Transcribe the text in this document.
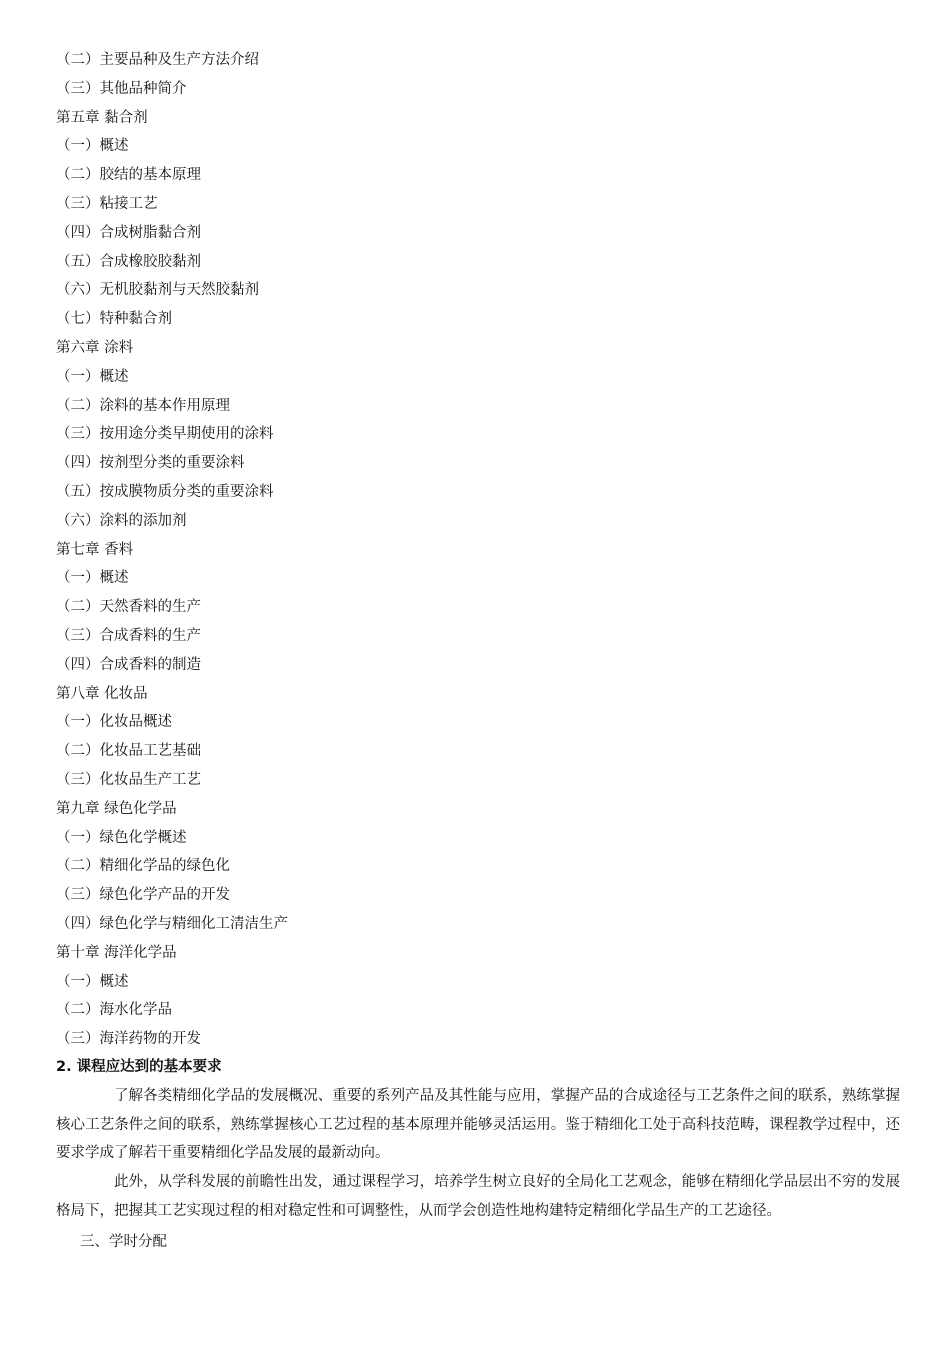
（二）主要品种及生产方法介绍
（三）其他品种简介
第五章 黏合剂
（一）概述
（二）胶结的基本原理
（三）粘接工艺
（四）合成树脂黏合剂
（五）合成橡胶胶黏剂
（六）无机胶黏剂与天然胶黏剂
（七）特种黏合剂
第六章 涂料
（一）概述
（二）涂料的基本作用原理
（三）按用途分类早期使用的涂料
（四）按剂型分类的重要涂料
（五）按成膜物质分类的重要涂料
（六）涂料的添加剂
第七章 香料
（一）概述
（二）天然香料的生产
（三）合成香料的生产
（四）合成香料的制造
第八章 化妆品
（一）化妆品概述
（二）化妆品工艺基础
（三）化妆品生产工艺
第九章 绿色化学品
（一）绿色化学概述
（二）精细化学品的绿色化
（三）绿色化学产品的开发
（四）绿色化学与精细化工清洁生产
第十章 海洋化学品
（一）概述
（二）海水化学品
（三）海洋药物的开发
2. 课程应达到的基本要求

了解各类精细化学品的发展概况、重要的系列产品及其性能与应用，掌握产品的合成途径与工艺条件之间的联系，熟练掌握核心工艺条件之间的联系，熟练掌握核心工艺过程的基本原理并能够灵活运用。鉴于精细化工处于高科技范畴，课程教学过程中，还要求学成了解若干重要精细化学品发展的最新动向。

此外，从学科发展的前瞻性出发，通过课程学习，培养学生树立良好的全局化工艺观念，能够在精细化学品层出不穷的发展格局下，把握其工艺实现过程的相对稳定性和可调整性，从而学会创造性地构建特定精细化学品生产的工艺途径。

三、学时分配
